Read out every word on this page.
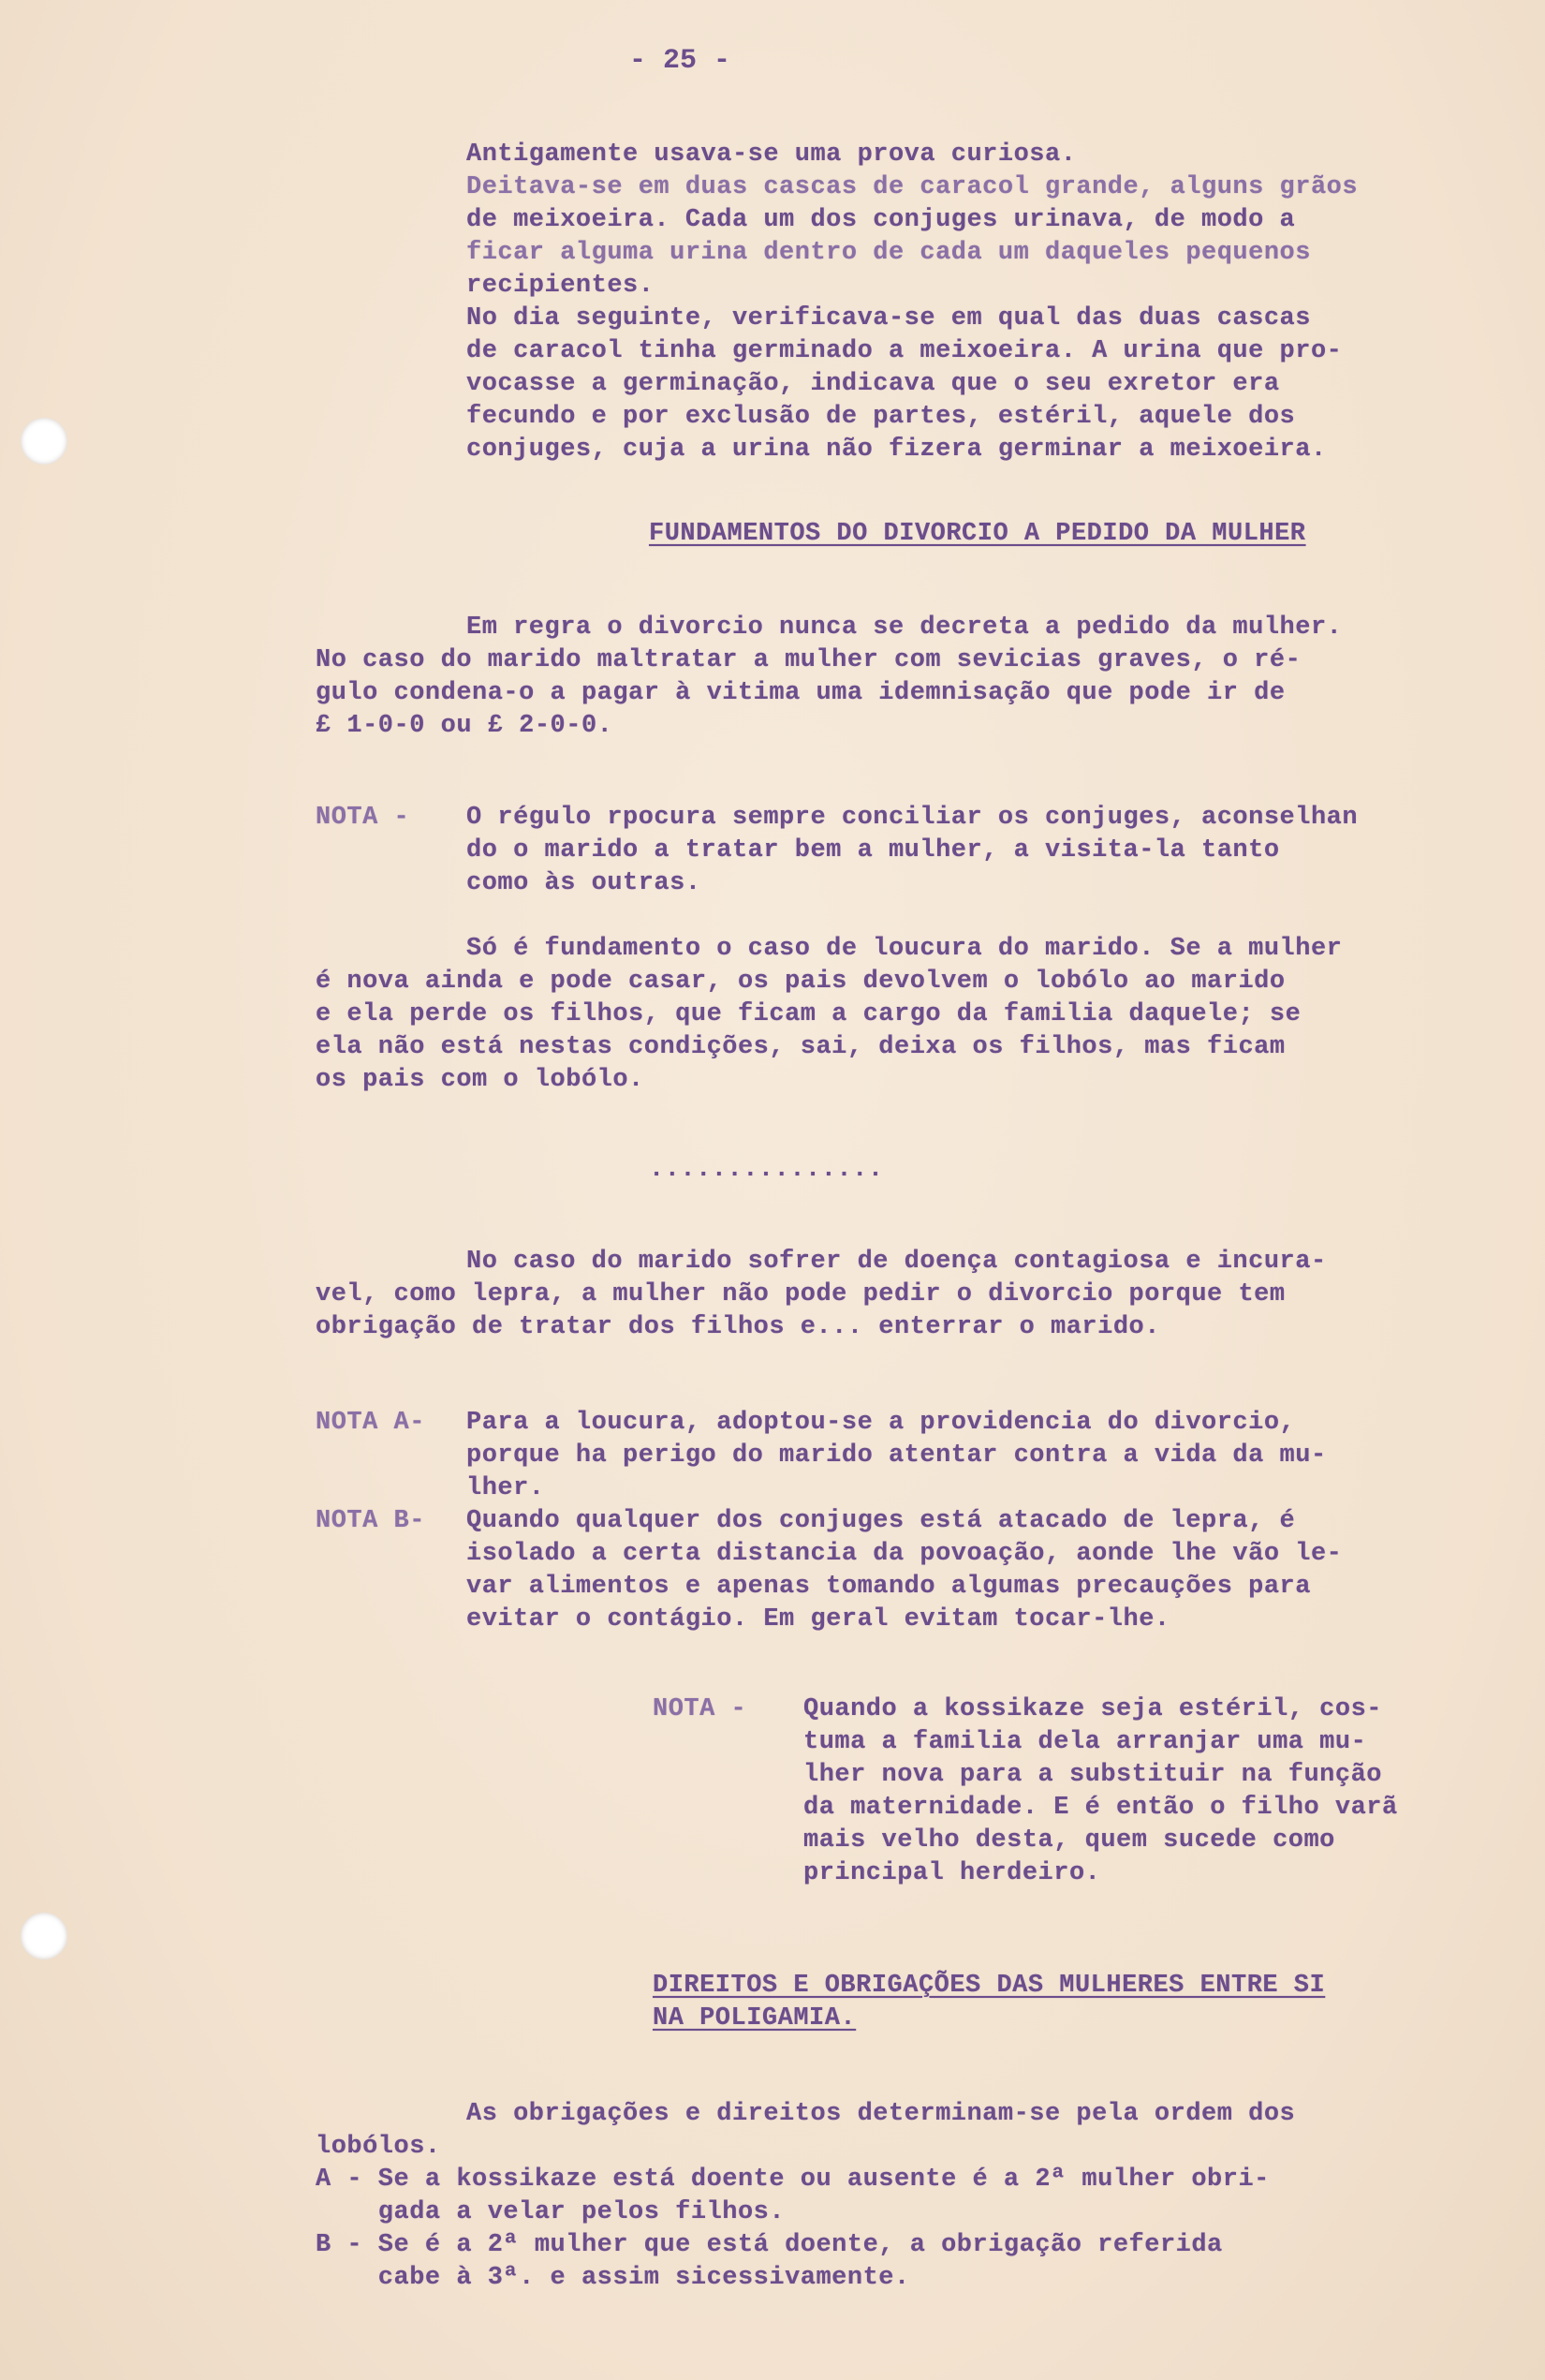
- 25 -
Antigamente usava-se uma prova curiosa.
Deitava-se em duas cascas de caracol grande, alguns grãos
de meixoeira. Cada um dos conjuges urinava, de modo a
ficar alguma urina dentro de cada um daqueles pequenos
recipientes.
No dia seguinte, verificava-se em qual das duas cascas
de caracol tinha germinado a meixoeira. A urina que pro-
vocasse a germinação, indicava que o seu exretor era
fecundo e por exclusão de partes, estéril, aquele dos
conjuges, cuja a urina não fizera germinar a meixoeira.
FUNDAMENTOS DO DIVORCIO A PEDIDO DA MULHER
Em regra o divorcio nunca se decreta a pedido da mulher.
No caso do marido maltratar a mulher com sevicias graves, o ré-
gulo condena-o a pagar à vitima uma idemnisação que pode ir de
£ 1-0-0 ou £ 2-0-0.
NOTA - O régulo rpocura sempre conciliar os conjuges, aconselhan
do o marido a tratar bem a mulher, a visita-la tanto
como às outras.
Só é fundamento o caso de loucura do marido. Se a mulher
é nova ainda e pode casar, os pais devolvem o lobólo ao marido
e ela perde os filhos, que ficam a cargo da familia daquele; se
ela não está nestas condições, sai, deixa os filhos, mas ficam
os pais com o lobólo.
...............
No caso do marido sofrer de doença contagiosa e incura-
vel, como lepra, a mulher não pode pedir o divorcio porque tem
obrigação de tratar dos filhos e... enterrar o marido.
NOTA A- Para a loucura, adoptou-se a providencia do divorcio,
porque ha perigo do marido atentar contra a vida da mu-
lher.
NOTA B- Quando qualquer dos conjuges está atacado de lepra, é
isolado a certa distancia da povoação, aonde lhe vão le-
var alimentos e apenas tomando algumas precauções para
evitar o contágio. Em geral evitam tocar-lhe.
NOTA - Quando a kossikaze seja estéril, cos-
tuma a familia dela arranjar uma mu-
lher nova para a substituir na função
da maternidade. E é então o filho varã
mais velho desta, quem sucede como
principal herdeiro.
DIREITOS E OBRIGAÇÕES DAS MULHERES ENTRE SI
NA POLIGAMIA.
As obrigações e direitos determinam-se pela ordem dos
lobólos.
A - Se a kossikaze está doente ou ausente é a 2ª mulher obri-
gada a velar pelos filhos.
B - Se é a 2ª mulher que está doente, a obrigação referida
cabe à 3ª. e assim sicessivamente.
